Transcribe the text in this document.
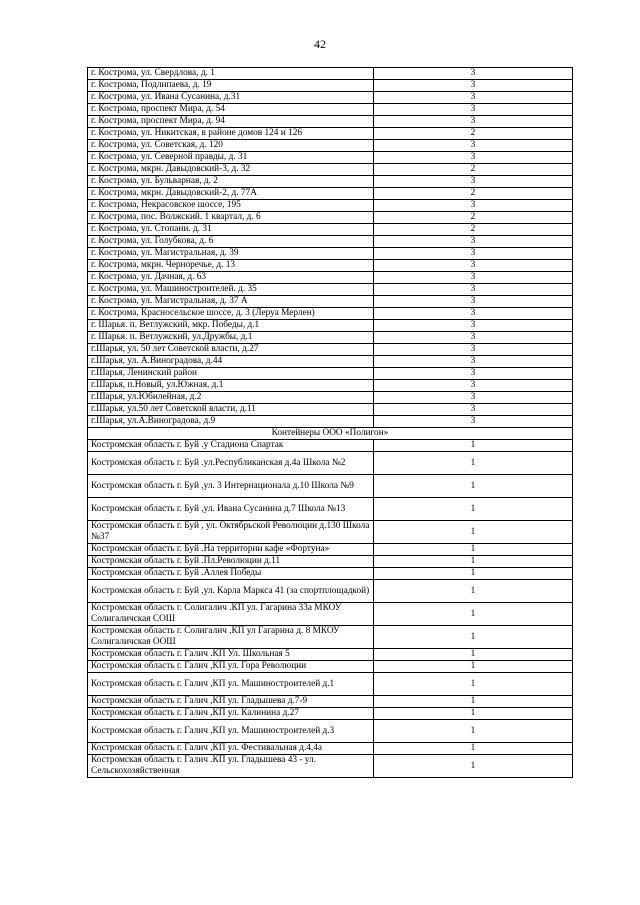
42
г. Кострома, ул. Свердлова, д. 1	3
г. Кострома, Подлипаева, д. 19	3
г. Кострома, ул. Ивана Сусанина, д.31	3
г. Кострома, проспект Мира, д. 54	3
г. Кострома, проспект Мира, д. 94	3
г. Кострома, ул. Никитская, в районе домов 124 и 126	2
г. Кострома, ул. Советская, д. 120	3
г. Кострома, ул. Северной правды, д. 31	3
г. Кострома, мкрн. Давыдовский-3, д. 32	2
г. Кострома, ул. Бульварная, д. 2	3
г. Кострома, мкрн. Давыдовский-2, д. 77А	2
г. Кострома, Некрасовское шоссе, 195	3
г. Кострома, пос. Волжский. 1 квартал, д. 6	2
г. Кострома, ул. Стопани. д. 31	2
г. Кострома, ул. Голубкова, д. 6	3
г. Кострома, ул. Магистральная, д. 39	3
г. Кострома, мкрн. Черноречье, д. 13	3
г. Кострома, ул. Дачная, д. 63	3
г. Кострома, ул. Машиностроителей. д. 35	3
г. Кострома, ул. Магистральная, д. 37 А	3
г. Кострома, Красносельское шоссе, д. 3 (Леруа Мерлен)	3
г. Шарья. п. Ветлужский, мкр. Победы, д.1	3
г. Шарья. п. Ветлужский, ул.Дружбы, д.1	3
г.Шарья, ул. 50 лет Советской власти, д.27	3
г.Шарья, ул. А.Виноградова, д.44	3
г.Шарья, Ленинский район	3
г.Шарья, п.Новый, ул.Южная, д.1	3
г.Шарья, ул.Юбилейная, д.2	3
г.Шарья, ул.50 лет Советской власти, д.11	3
г.Шарья, ул.А.Виноградова, д.9	3
Контейнеры ООО «Полигон»	
Костромская область г. Буй .у Стадиона Спартак	1
Костромская область г. Буй .ул.Республиканская д.4а Школа №2	1
Костромская область г. Буй ,ул. 3 Интернационала д.10 Школа №9	1
Костромская область г. Буй ,ул. Ивана Сусанина д.7 Школа №13	1
Костромская область г. Буй , ул. Октябрьской Революции д.130 Школа №37	1
Костромская область г. Буй .На территории кафе «Фортуна»	1
Костромская область г. Буй .Пл.Революции д.11	1
Костромская область г. Буй .Аллея Победы	1
Костромская область г. Буй ,ул. Карла Маркса 41 (за спортплощадкой)	1
Костромская область г. Солигалич .КП ул. Гагарина 33а МКОУ Солигаличская СОШ	1
Костромская область г. Солигалич ,КП ул Гагарина д. 8 МКОУ Солигаличская ООШ	1
Костромская область г. Галич .КП Ул. Школьная 5	1
Костромская область г. Галич ,КП ул. Гора Революции	1
Костромская область г. Галич ,КП ул. Машиностроителей д.1	1
Костромская область г. Галич ,КП ул. Гладышева д.7-9	1
Костромская область г. Галич ,КП ул. Калинина д.27	1
Костромская область г. Галич ,КП ул. Машиностроителей д.3	1
Костромская область г. Галич ,КП ул. Фестивальная д.4,4а	1
Костромская область г. Галич .КП ул. Гладышева 43 - ул. Сельскохозяйственная	1
